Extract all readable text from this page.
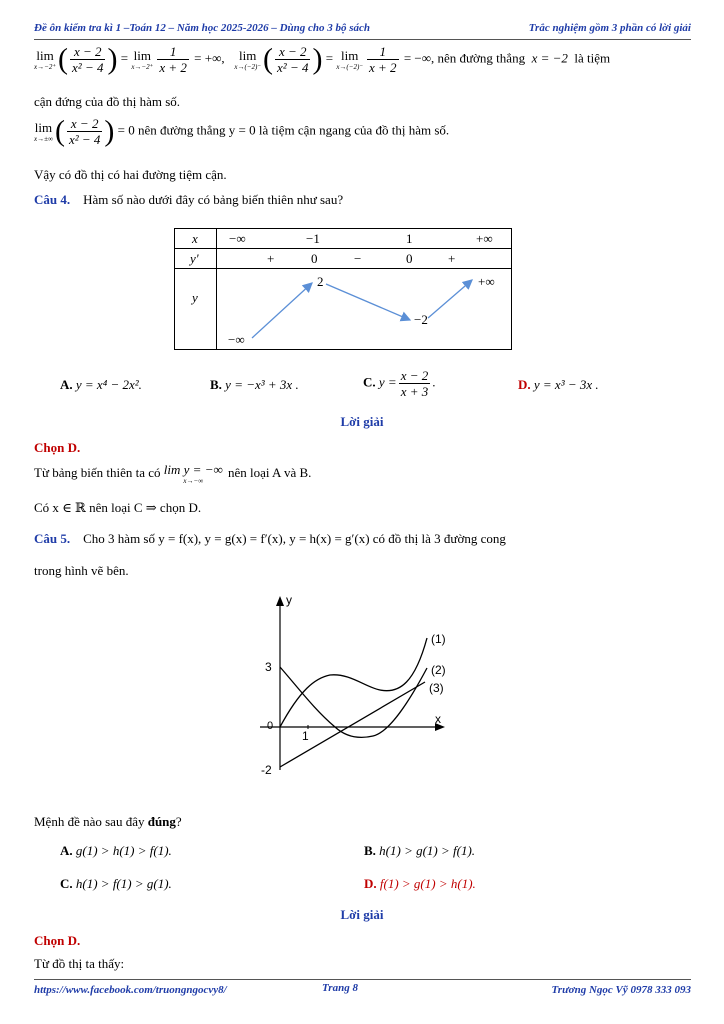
Đề ôn kiểm tra kì 1 –Toán 12 – Năm học 2025-2026 – Dùng cho 3 bộ sách	Trắc nghiệm gồm 3 phần có lời giải
lim
x→−2⁺ ( $\frac{x - 2}{\text{x² − 4}}$ ) = lim
$x\to-2^+ \frac{1}{x + 2}$ = +∞,	lim
x→(−2)⁻ ( $\frac{x - 2}{\text{x² − 4}}$ ) = lim
$x\to(-2)^- \frac{1}{x + 2}$ = −∞, nên đường thẳng x = −2 là tiệm
cận đứng của đồ thị hàm số.
lim
x→±∞ ( $\frac{x - 2}{\text{x² − 4}}$ ) = 0 nên đường thẳng y = 0 là tiệm cận ngang của đồ thị hàm số.
Vậy có đồ thị có hai đường tiệm cận.
Câu 4. Hàm số nào dưới đây có bảng biến thiên như sau?
x −∞	−1	1	+∞
y'	+	0	−	0	+
y
−∞
2
−2
+∞
A. y = x⁴ − 2x².	B. y = −x³ + 3x .	C. $y = \frac{x - 2}{x + 3}$ .	D. y = x³ − 3x .
Lời giải
Chọn D.
Từ bảng biến thiên ta có lim y = −∞
x→−∞
nên loại A và B.
Có x ∈ ℝ nên loại C ⇒ chọn D.
Câu 5. Cho 3 hàm số y = f(x), y = g(x) = f′(x), y = h(x) = g′(x) có đồ thị là 3 đường cong
trong hình vẽ bên.
y
x
3
0
-2
1
(1)
(2)
(3)
Mệnh đề nào sau đây đúng?
A. g(1) > h(1) > f(1).	B. h(1) > g(1) > f(1).
C. h(1) > f(1) > g(1).	D. f(1) > g(1) > h(1).
Lời giải
Chọn D.
Từ đồ thị ta thấy:
https://www.facebook.com/truongngocvy8/	Trang 8	Trương Ngọc Vỹ 0978 333 093
